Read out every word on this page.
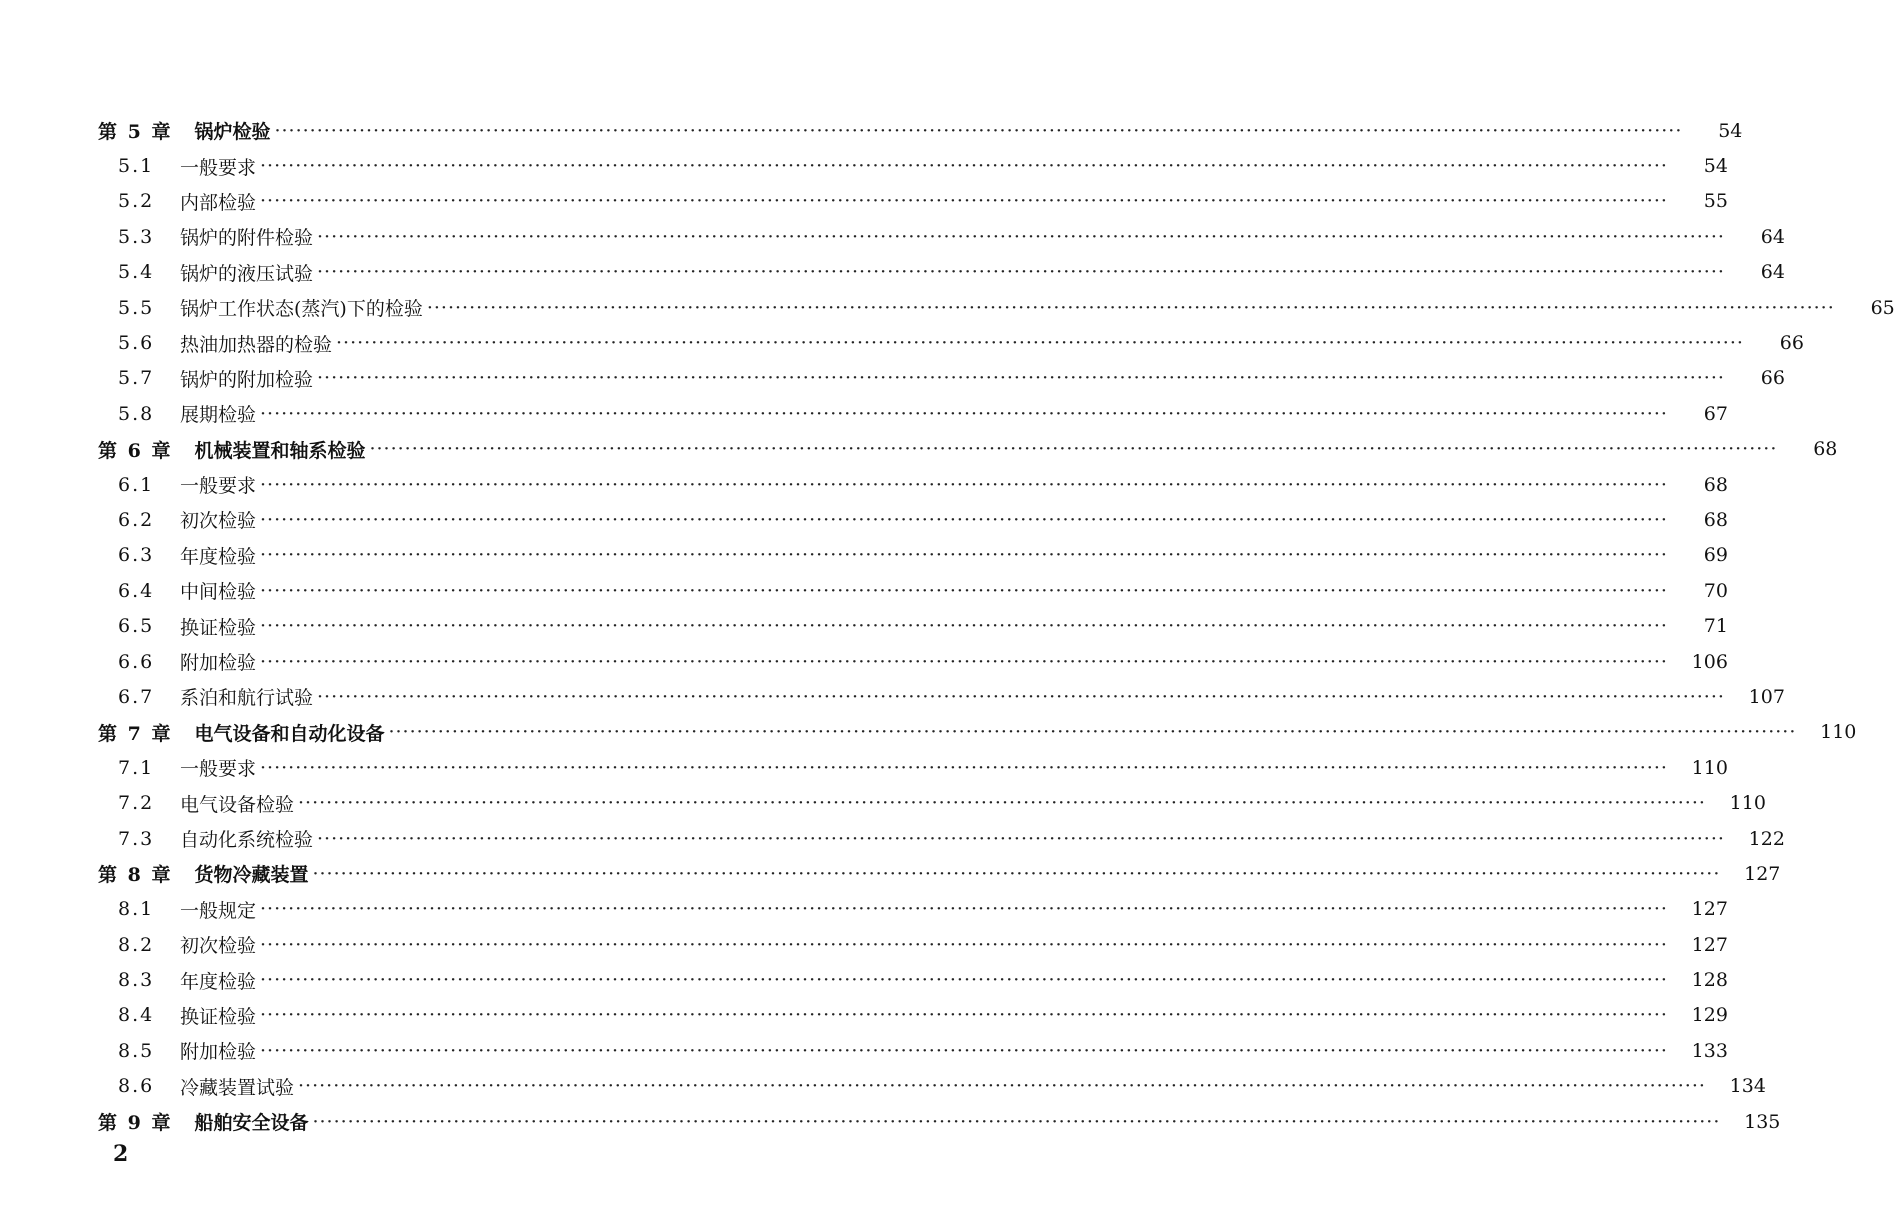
第 5 章 锅炉检验 ········································································································································································································	54
5.1	一般要求 ········································································································································································································	54
5.2	内部检验 ········································································································································································································	55
5.3	锅炉的附件检验 ········································································································································································································	64
5.4	锅炉的液压试验 ········································································································································································································	64
5.5	锅炉工作状态(蒸汽)下的检验 ········································································································································································································	65
5.6	热油加热器的检验 ········································································································································································································	66
5.7	锅炉的附加检验 ········································································································································································································	66
5.8	展期检验 ········································································································································································································	67
第 6 章 机械装置和轴系检验 ········································································································································································································	68
6.1	一般要求 ········································································································································································································	68
6.2	初次检验 ········································································································································································································	68
6.3	年度检验 ········································································································································································································	69
6.4	中间检验 ········································································································································································································	70
6.5	换证检验 ········································································································································································································	71
6.6	附加检验 ········································································································································································································	106
6.7	系泊和航行试验 ········································································································································································································	107
第 7 章 电气设备和自动化设备 ········································································································································································································	110
7.1	一般要求 ········································································································································································································	110
7.2	电气设备检验 ········································································································································································································	110
7.3	自动化系统检验 ········································································································································································································	122
第 8 章 货物冷藏装置 ········································································································································································································	127
8.1	一般规定 ········································································································································································································	127
8.2	初次检验 ········································································································································································································	127
8.3	年度检验 ········································································································································································································	128
8.4	换证检验 ········································································································································································································	129
8.5	附加检验 ········································································································································································································	133
8.6	冷藏装置试验 ········································································································································································································	134
第 9 章 船舶安全设备 ········································································································································································································	135
2
